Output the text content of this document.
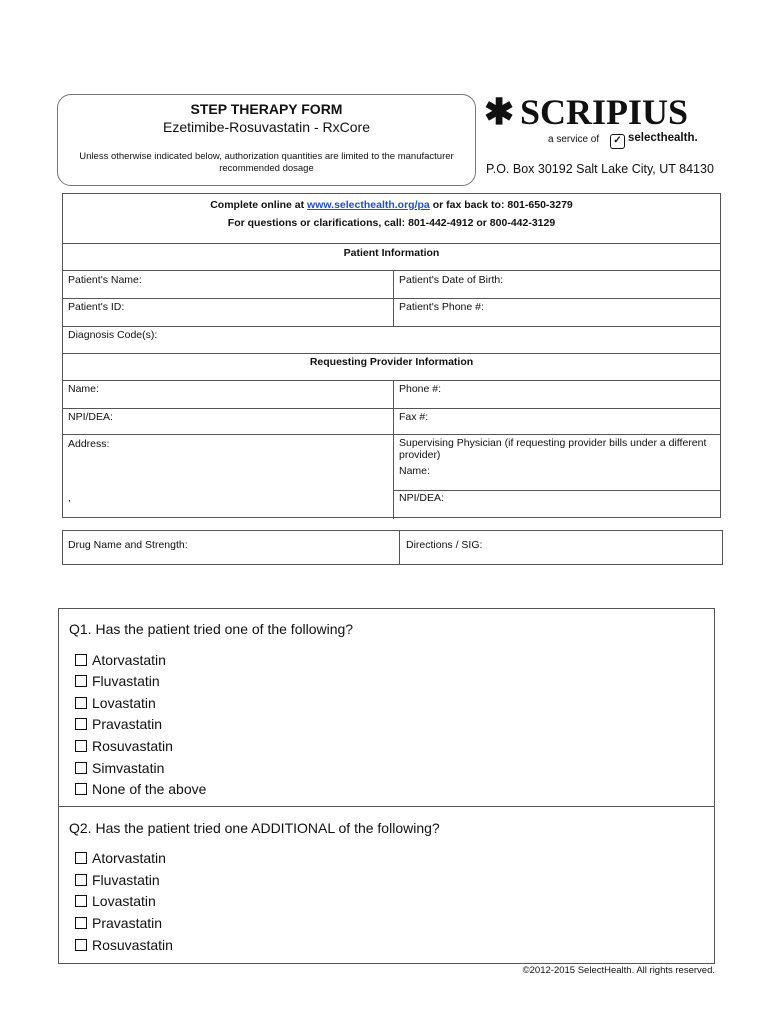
STEP THERAPY FORM
Ezetimibe-Rosuvastatin - RxCore
Unless otherwise indicated below, authorization quantities are limited to the manufacturer recommended dosage
✱ SCRIPIUS
a service of	✓ selecthealth.
P.O. Box 30192 Salt Lake City, UT 84130
Complete online at www.selecthealth.org/pa or fax back to: 801-650-3279
For questions or clarifications, call: 801-442-4912 or 800-442-3129
Patient Information
Patient's Name:	Patient's Date of Birth:
Patient's ID:	Patient's Phone #:
Diagnosis Code(s):
Requesting Provider Information
Name:	Phone #:
NPI/DEA:	Fax #:
Address:
,
Supervising Physician (if requesting provider bills under a different provider)
Name:
NPI/DEA:
Drug Name and Strength:	Directions / SIG:
Q1. Has the patient tried one of the following?
Atorvastatin
Fluvastatin
Lovastatin
Pravastatin
Rosuvastatin
Simvastatin
None of the above
Q2. Has the patient tried one ADDITIONAL of the following?
Atorvastatin
Fluvastatin
Lovastatin
Pravastatin
Rosuvastatin
©2012-2015 SelectHealth. All rights reserved.
